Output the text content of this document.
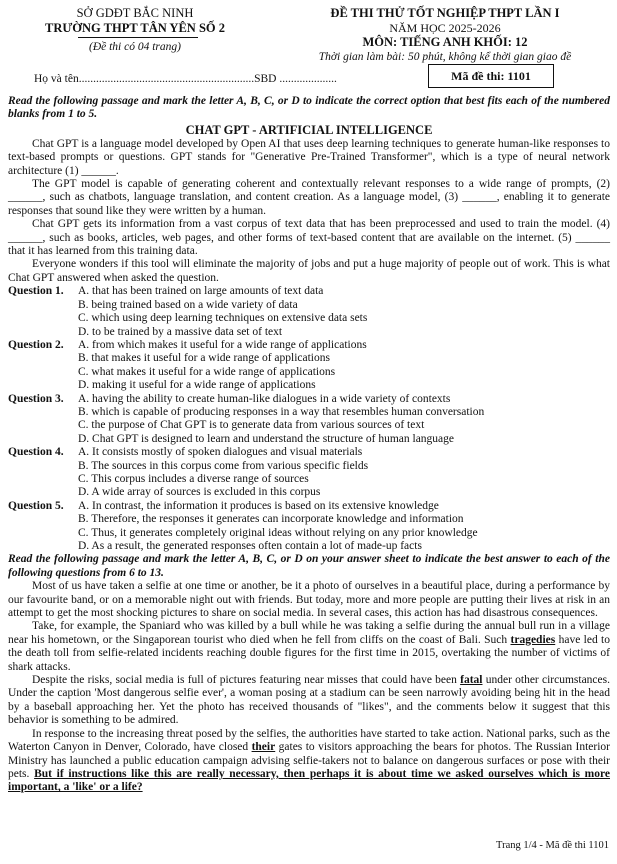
SỞ GDĐT BẮC NINH
TRƯỜNG THPT TÂN YÊN SỐ 2
(Đề thi có 04 trang)
ĐỀ THI THỬ TỐT NGHIỆP THPT LẦN I
NĂM HỌC 2025-2026
MÔN: TIẾNG ANH KHỐI: 12
Thời gian làm bài: 50 phút, không kể thời gian giao đề
Họ và tên.............................................................SBD ....................	Mã đề thi: 1101

Read the following passage and mark the letter A, B, C, or D to indicate the correct option that best fits each of the numbered blanks from 1 to 5.

CHAT GPT - ARTIFICIAL INTELLIGENCE

Chat GPT is a language model developed by Open AI that uses deep learning techniques to generate human-like responses to text-based prompts or questions. GPT stands for "Generative Pre-Trained Transformer", which is a type of neural network architecture (1) ______.

The GPT model is capable of generating coherent and contextually relevant responses to a wide range of prompts, (2) ______, such as chatbots, language translation, and content creation. As a language model, (3) ______, enabling it to generate responses that sound like they were written by a human.

Chat GPT gets its information from a vast corpus of text data that has been preprocessed and used to train the model. (4) ______, such as books, articles, web pages, and other forms of text-based content that are available on the internet. (5) ______ that it has learned from this training data.

Everyone wonders if this tool will eliminate the majority of jobs and put a huge majority of people out of work. This is what Chat GPT answered when asked the question.

Question 1.	A. that has been trained on large amounts of text data
B. being trained based on a wide variety of data
C. which using deep learning techniques on extensive data sets
D. to be trained by a massive data set of text
Question 2.	A. from which makes it useful for a wide range of applications
B. that makes it useful for a wide range of applications
C. what makes it useful for a wide range of applications
D. making it useful for a wide range of applications
Question 3.	A. having the ability to create human-like dialogues in a wide variety of contexts
B. which is capable of producing responses in a way that resembles human conversation
C. the purpose of Chat GPT is to generate data from various sources of text
D. Chat GPT is designed to learn and understand the structure of human language
Question 4.	A. It consists mostly of spoken dialogues and visual materials
B. The sources in this corpus come from various specific fields
C. This corpus includes a diverse range of sources
D. A wide array of sources is excluded in this corpus
Question 5.	A. In contrast, the information it produces is based on its extensive knowledge
B. Therefore, the responses it generates can incorporate knowledge and information
C. Thus, it generates completely original ideas without relying on any prior knowledge
D. As a result, the generated responses often contain a lot of made-up facts

Read the following passage and mark the letter A, B, C, or D on your answer sheet to indicate the best answer to each of the following questions from 6 to 13.

Most of us have taken a selfie at one time or another, be it a photo of ourselves in a beautiful place, during a performance by our favourite band, or on a memorable night out with friends. But today, more and more people are putting their lives at risk in an attempt to get the most shocking pictures to share on social media. In several cases, this action has had disastrous consequences.

Take, for example, the Spaniard who was killed by a bull while he was taking a selfie during the annual bull run in a village near his hometown, or the Singaporean tourist who died when he fell from cliffs on the coast of Bali. Such tragedies have led to the death toll from selfie-related incidents reaching double figures for the first time in 2015, overtaking the number of victims of shark attacks.

Despite the risks, social media is full of pictures featuring near misses that could have been fatal under other circumstances. Under the caption 'Most dangerous selfie ever', a woman posing at a stadium can be seen narrowly avoiding being hit in the head by a baseball approaching her. Yet the photo has received thousands of "likes", and the comments below it suggest that this behavior is something to be admired.

In response to the increasing threat posed by the selfies, the authorities have started to take action. National parks, such as the Waterton Canyon in Denver, Colorado, have closed their gates to visitors approaching the bears for photos. The Russian Interior Ministry has launched a public education campaign advising selfie-takers not to balance on dangerous surfaces or pose with their pets. But if instructions like this are really necessary, then perhaps it is about time we asked ourselves which is more important, a 'like' or a life?

Trang 1/4 - Mã đề thi 1101
